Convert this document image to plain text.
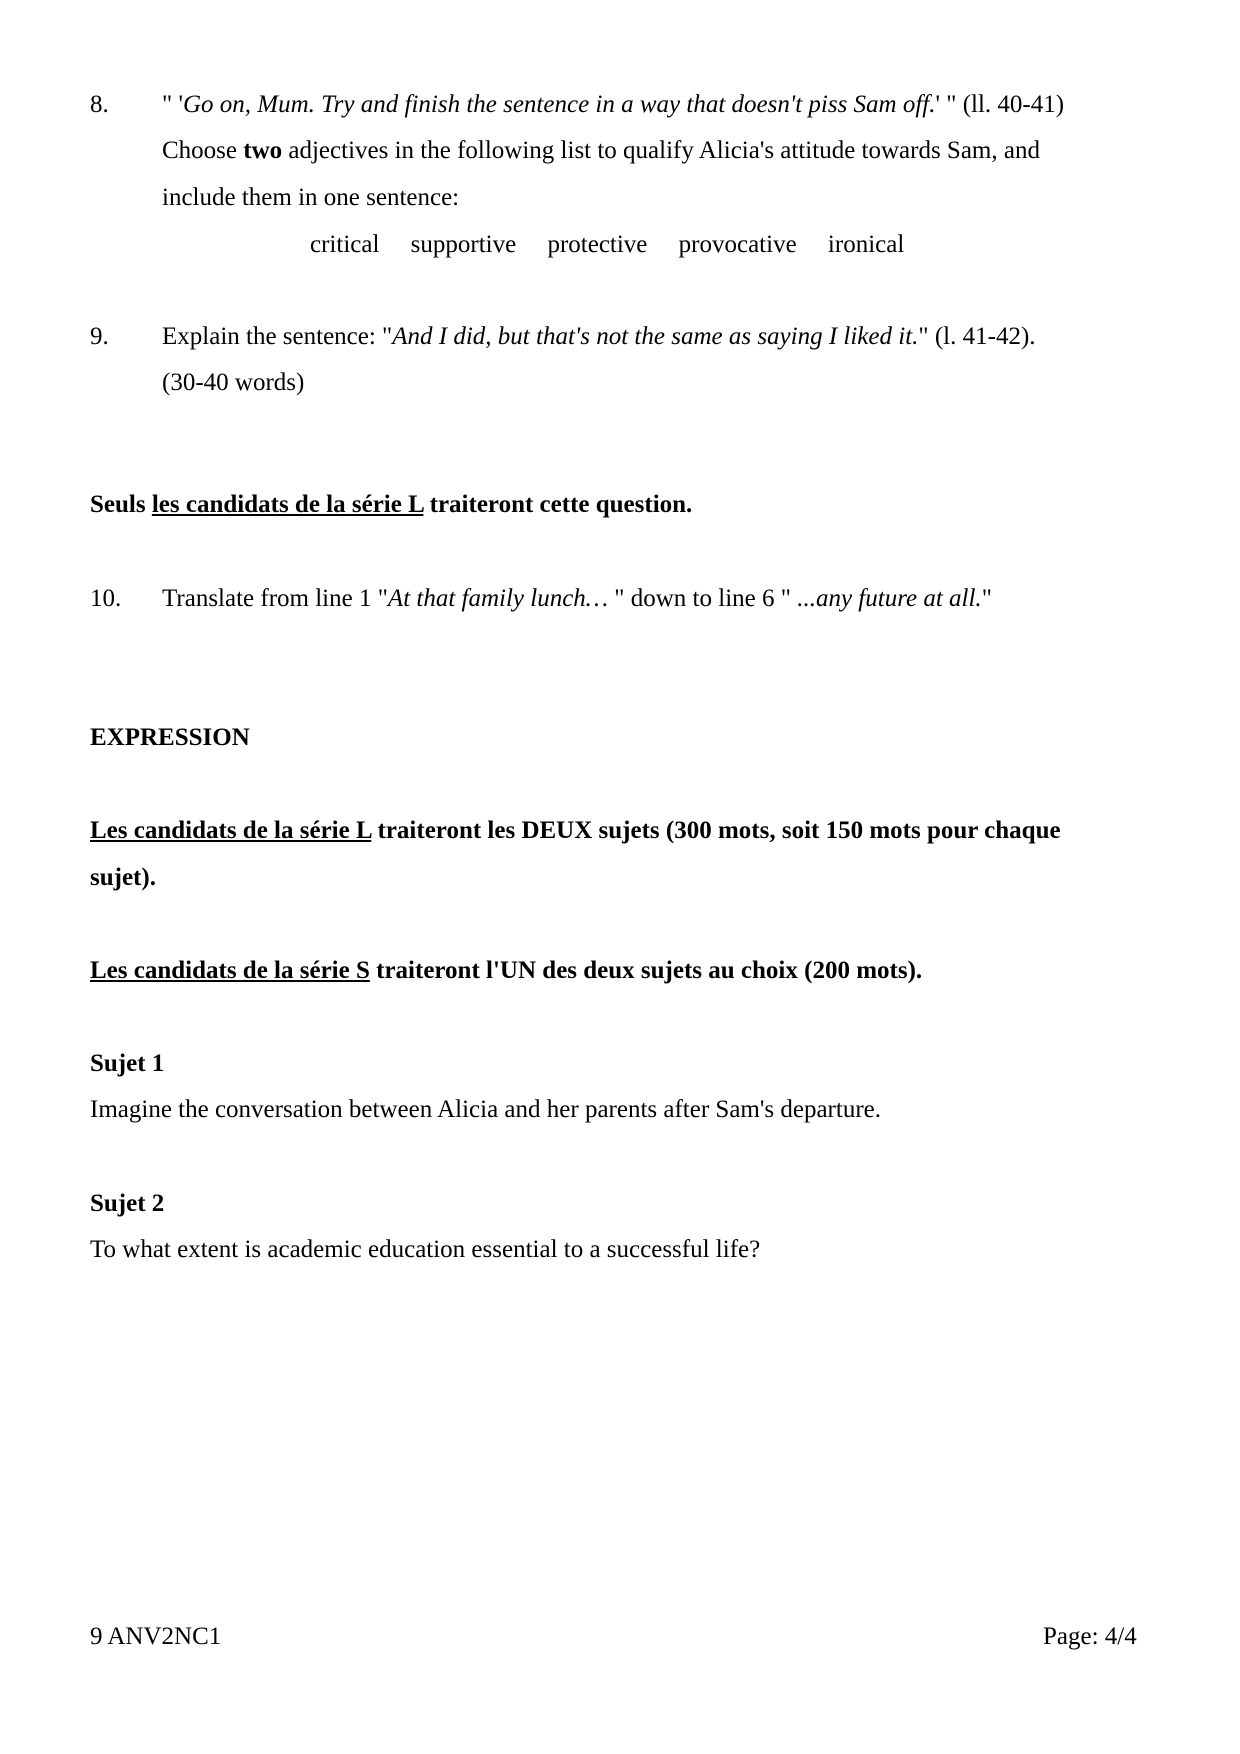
8. " 'Go on, Mum. Try and finish the sentence in a way that doesn't piss Sam off.' " (ll. 40-41)
Choose two adjectives in the following list to qualify Alicia's attitude towards Sam, and
include them in one sentence:
critical supportive protective provocative ironical
9. Explain the sentence: "And I did, but that's not the same as saying I liked it." (l. 41-42).
(30-40 words)
Seuls les candidats de la série L traiteront cette question.
10. Translate from line 1 "At that family lunch… " down to line 6 " ...any future at all."
EXPRESSION
Les candidats de la série L traiteront les DEUX sujets (300 mots, soit 150 mots pour chaque
sujet).
Les candidats de la série S traiteront l'UN des deux sujets au choix (200 mots).
Sujet 1
Imagine the conversation between Alicia and her parents after Sam's departure.
Sujet 2
To what extent is academic education essential to a successful life?
9 ANV2NC1	Page: 4/4
